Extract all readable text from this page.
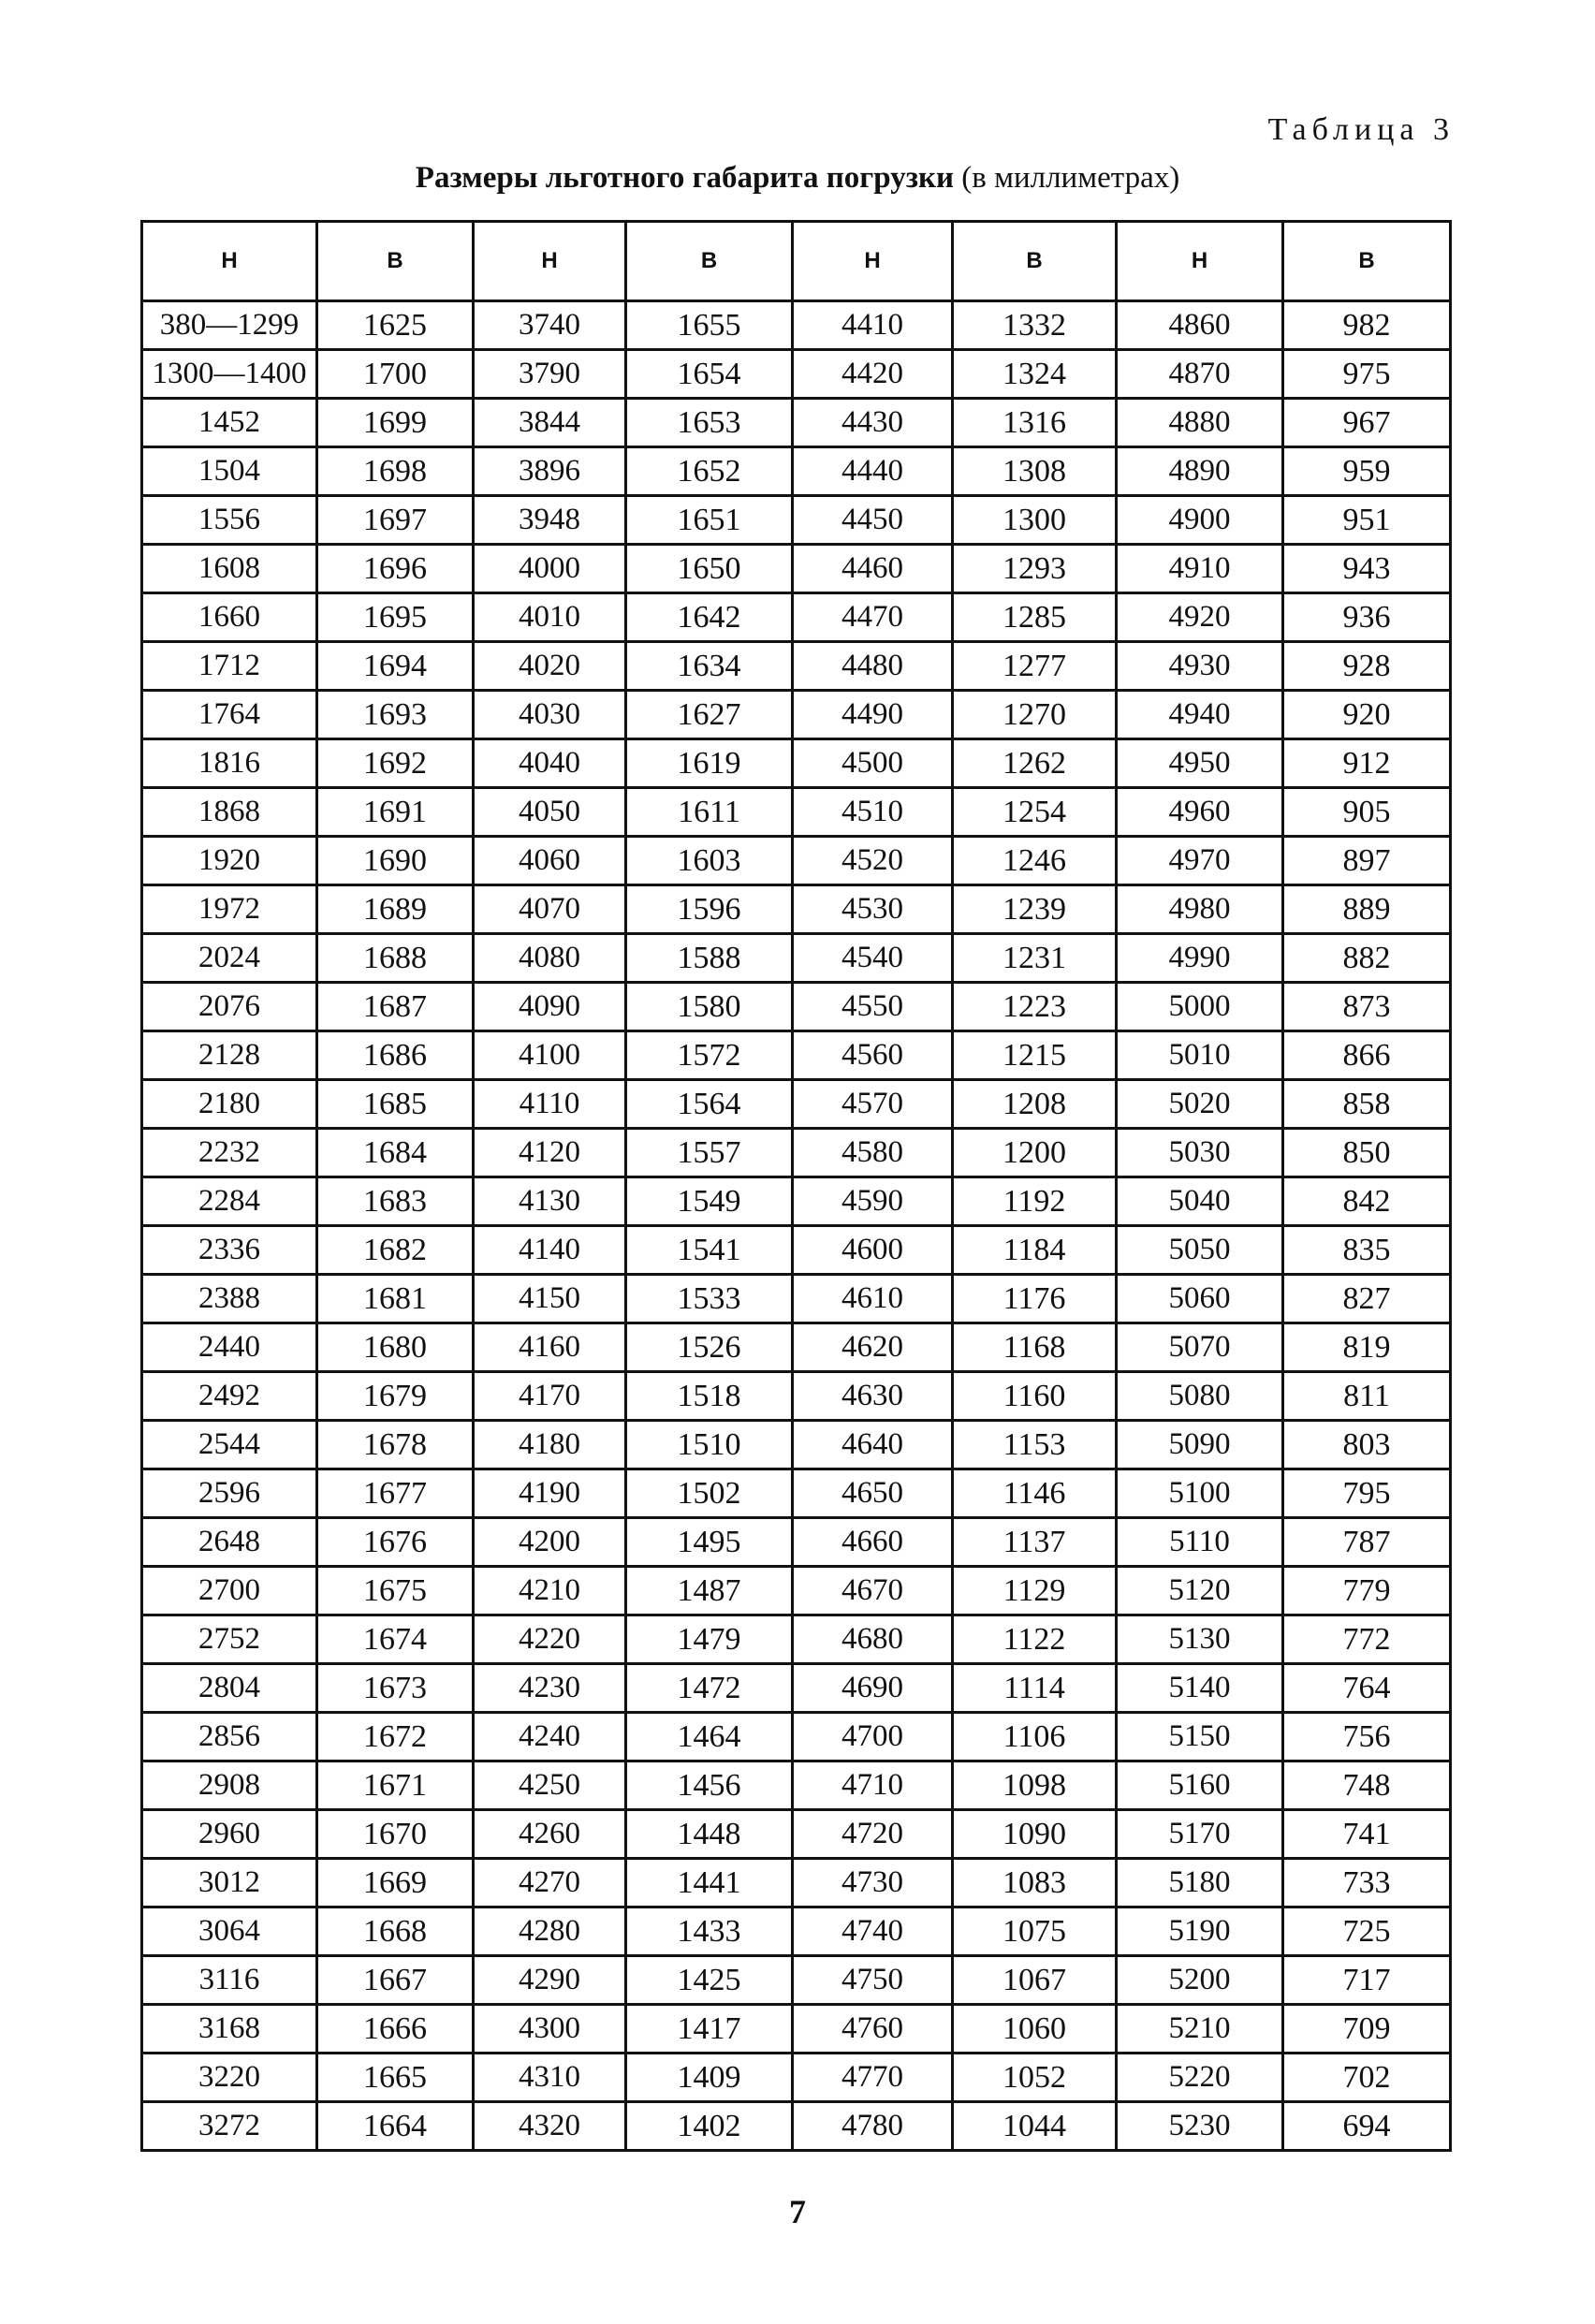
Таблица 3
Размеры льготного габарита погрузки (в миллиметрах)
Н	В	Н	В	Н	В	Н	В
380—1299	1625	3740	1655	4410	1332	4860	982
1300—1400	1700	3790	1654	4420	1324	4870	975
1452	1699	3844	1653	4430	1316	4880	967
1504	1698	3896	1652	4440	1308	4890	959
1556	1697	3948	1651	4450	1300	4900	951
1608	1696	4000	1650	4460	1293	4910	943
1660	1695	4010	1642	4470	1285	4920	936
1712	1694	4020	1634	4480	1277	4930	928
1764	1693	4030	1627	4490	1270	4940	920
1816	1692	4040	1619	4500	1262	4950	912
1868	1691	4050	1611	4510	1254	4960	905
1920	1690	4060	1603	4520	1246	4970	897
1972	1689	4070	1596	4530	1239	4980	889
2024	1688	4080	1588	4540	1231	4990	882
2076	1687	4090	1580	4550	1223	5000	873
2128	1686	4100	1572	4560	1215	5010	866
2180	1685	4110	1564	4570	1208	5020	858
2232	1684	4120	1557	4580	1200	5030	850
2284	1683	4130	1549	4590	1192	5040	842
2336	1682	4140	1541	4600	1184	5050	835
2388	1681	4150	1533	4610	1176	5060	827
2440	1680	4160	1526	4620	1168	5070	819
2492	1679	4170	1518	4630	1160	5080	811
2544	1678	4180	1510	4640	1153	5090	803
2596	1677	4190	1502	4650	1146	5100	795
2648	1676	4200	1495	4660	1137	5110	787
2700	1675	4210	1487	4670	1129	5120	779
2752	1674	4220	1479	4680	1122	5130	772
2804	1673	4230	1472	4690	1114	5140	764
2856	1672	4240	1464	4700	1106	5150	756
2908	1671	4250	1456	4710	1098	5160	748
2960	1670	4260	1448	4720	1090	5170	741
3012	1669	4270	1441	4730	1083	5180	733
3064	1668	4280	1433	4740	1075	5190	725
3116	1667	4290	1425	4750	1067	5200	717
3168	1666	4300	1417	4760	1060	5210	709
3220	1665	4310	1409	4770	1052	5220	702
3272	1664	4320	1402	4780	1044	5230	694
7
